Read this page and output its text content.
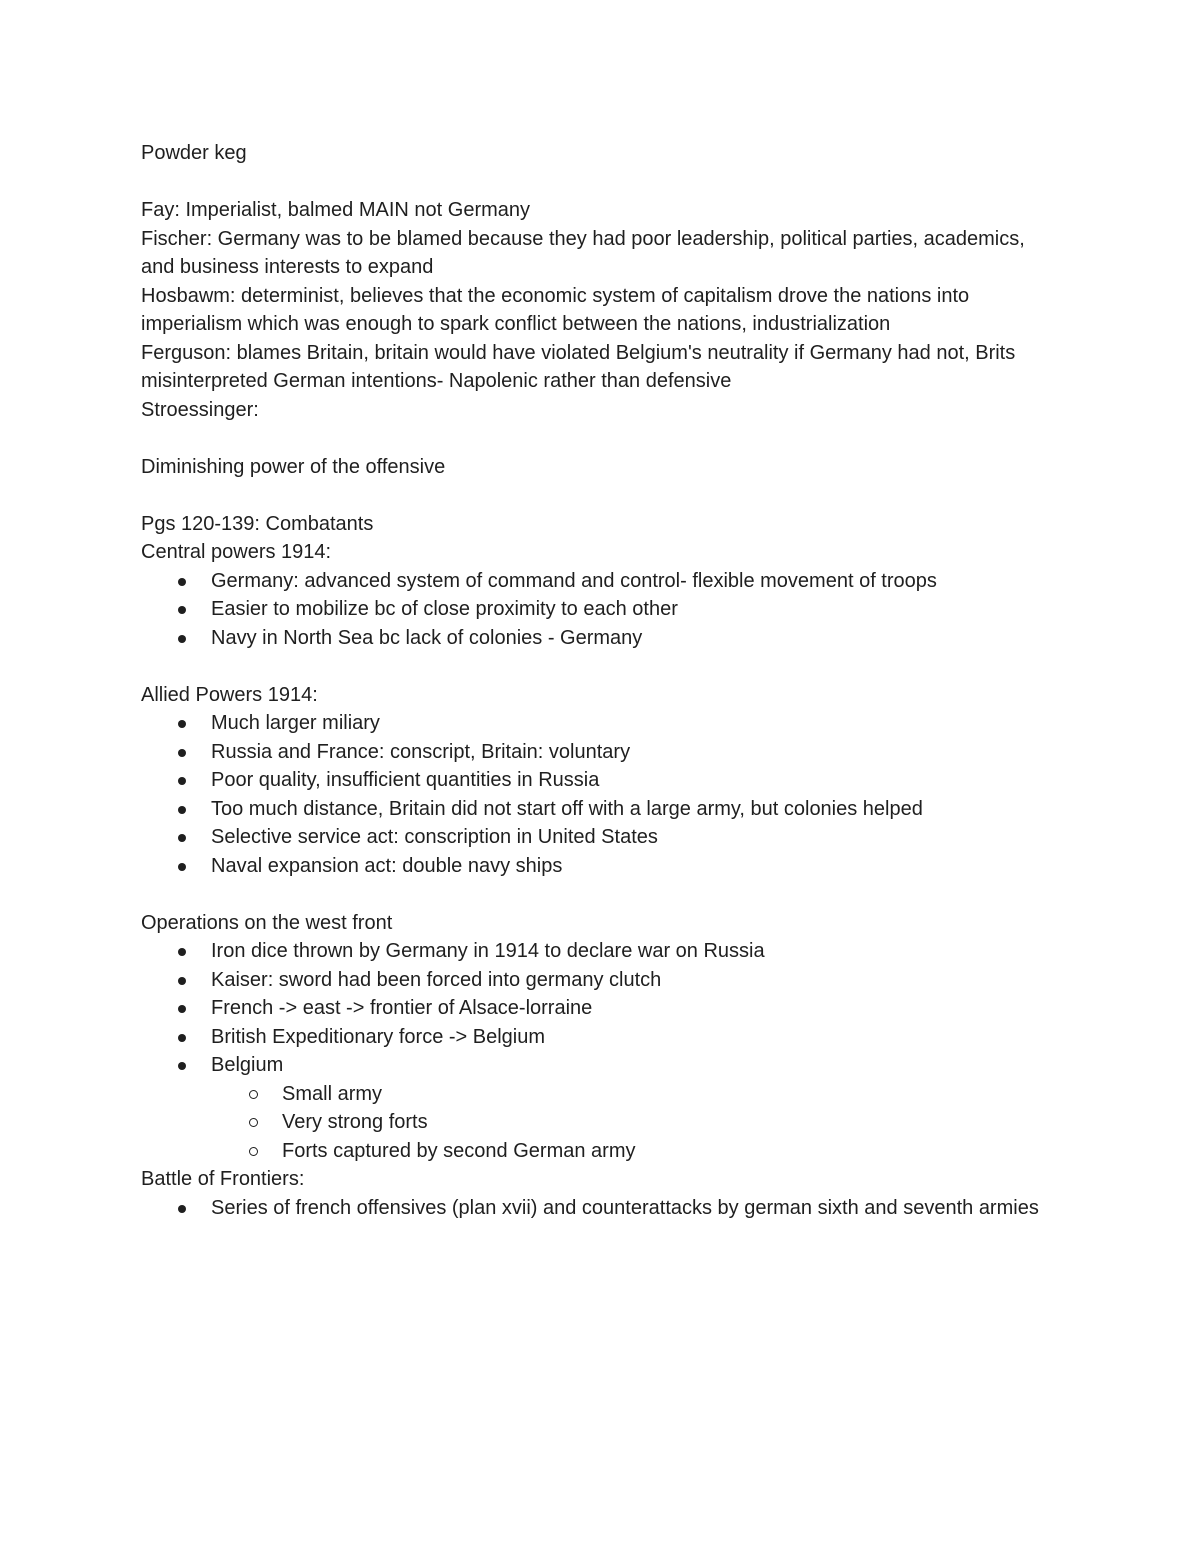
Powder keg

Fay: Imperialist, balmed MAIN not Germany

Fischer: Germany was to be blamed because they had poor leadership, political parties, academics, and business interests to expand

Hosbawm: determinist, believes that the economic system of capitalism drove the nations into imperialism which was enough to spark conflict between the nations, industrialization

Ferguson: blames Britain, britain would have violated Belgium's neutrality if Germany had not, Brits misinterpreted German intentions- Napolenic rather than defensive

Stroessinger:

Diminishing power of the offensive

Pgs 120-139: Combatants

Central powers 1914:

Germany: advanced system of command and control- flexible movement of troops
Easier to mobilize bc of close proximity to each other
Navy in North Sea bc lack of colonies - Germany

Allied Powers 1914:

Much larger miliary
Russia and France: conscript, Britain: voluntary
Poor quality, insufficient quantities in Russia
Too much distance, Britain did not start off with a large army, but colonies helped
Selective service act: conscription in United States
Naval expansion act: double navy ships

Operations on the west front

Iron dice thrown by Germany in 1914 to declare war on Russia
Kaiser: sword had been forced into germany clutch
French -> east -> frontier of Alsace-lorraine
British Expeditionary force -> Belgium
Belgium
Small army
Very strong forts
Forts captured by second German army

Battle of Frontiers:

Series of french offensives (plan xvii) and counterattacks by german sixth and seventh armies
